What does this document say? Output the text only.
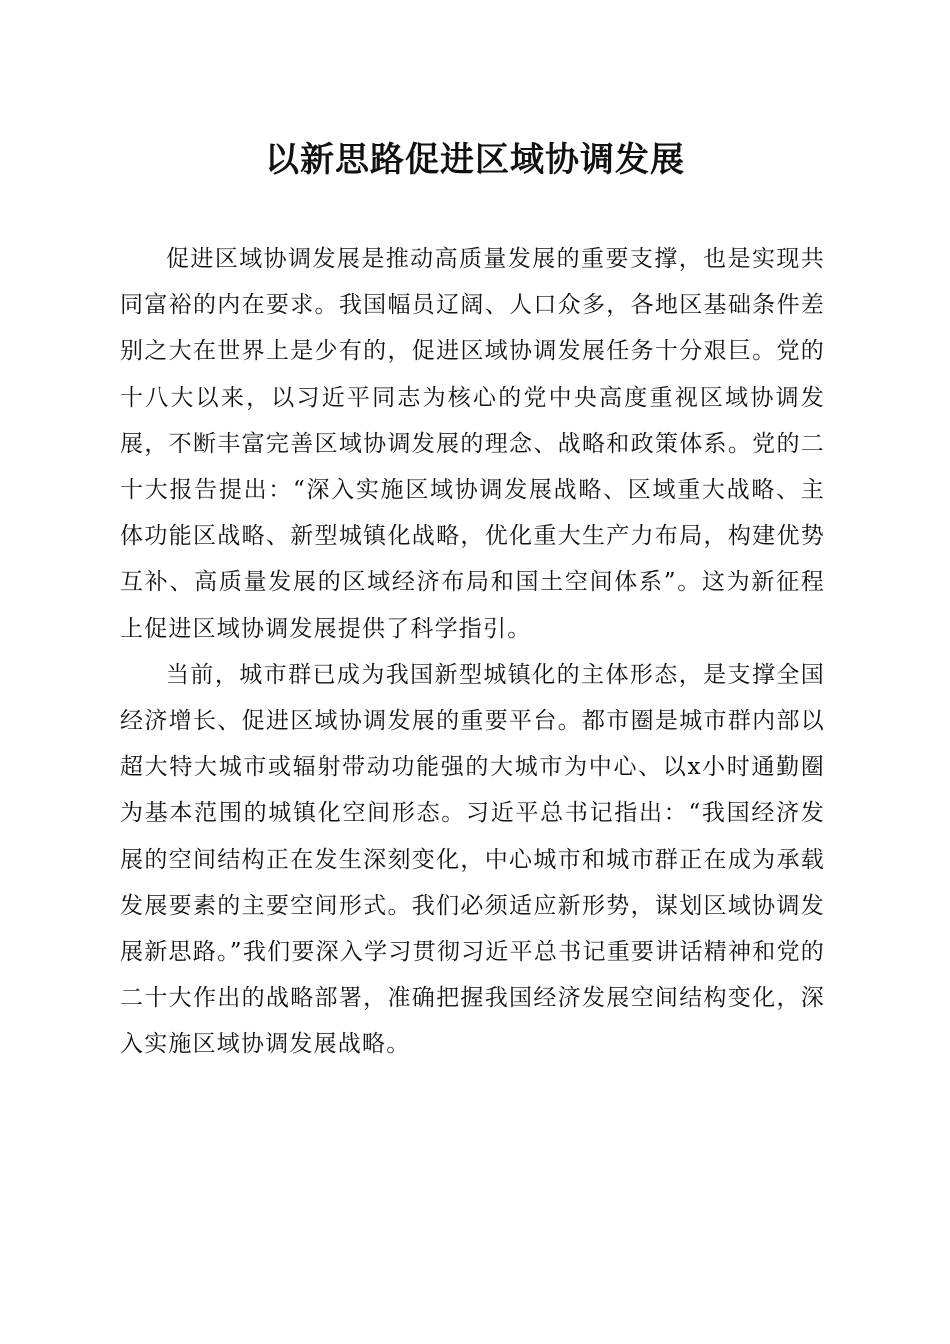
以新思路促进区域协调发展

促进区域协调发展是推动高质量发展的重要支撑，也是实现共同富裕的内在要求。我国幅员辽阔、人口众多，各地区基础条件差别之大在世界上是少有的，促进区域协调发展任务十分艰巨。党的十八大以来，以习近平同志为核心的党中央高度重视区域协调发展，不断丰富完善区域协调发展的理念、战略和政策体系。党的二十大报告提出：“深入实施区域协调发展战略、区域重大战略、主体功能区战略、新型城镇化战略，优化重大生产力布局，构建优势互补、高质量发展的区域经济布局和国土空间体系”。这为新征程上促进区域协调发展提供了科学指引。

当前，城市群已成为我国新型城镇化的主体形态，是支撑全国经济增长、促进区域协调发展的重要平台。都市圈是城市群内部以超大特大城市或辐射带动功能强的大城市为中心、以x小时通勤圈为基本范围的城镇化空间形态。习近平总书记指出：“我国经济发展的空间结构正在发生深刻变化，中心城市和城市群正在成为承载发展要素的主要空间形式。我们必须适应新形势，谋划区域协调发展新思路。”我们要深入学习贯彻习近平总书记重要讲话精神和党的二十大作出的战略部署，准确把握我国经济发展空间结构变化，深入实施区域协调发展战略。
